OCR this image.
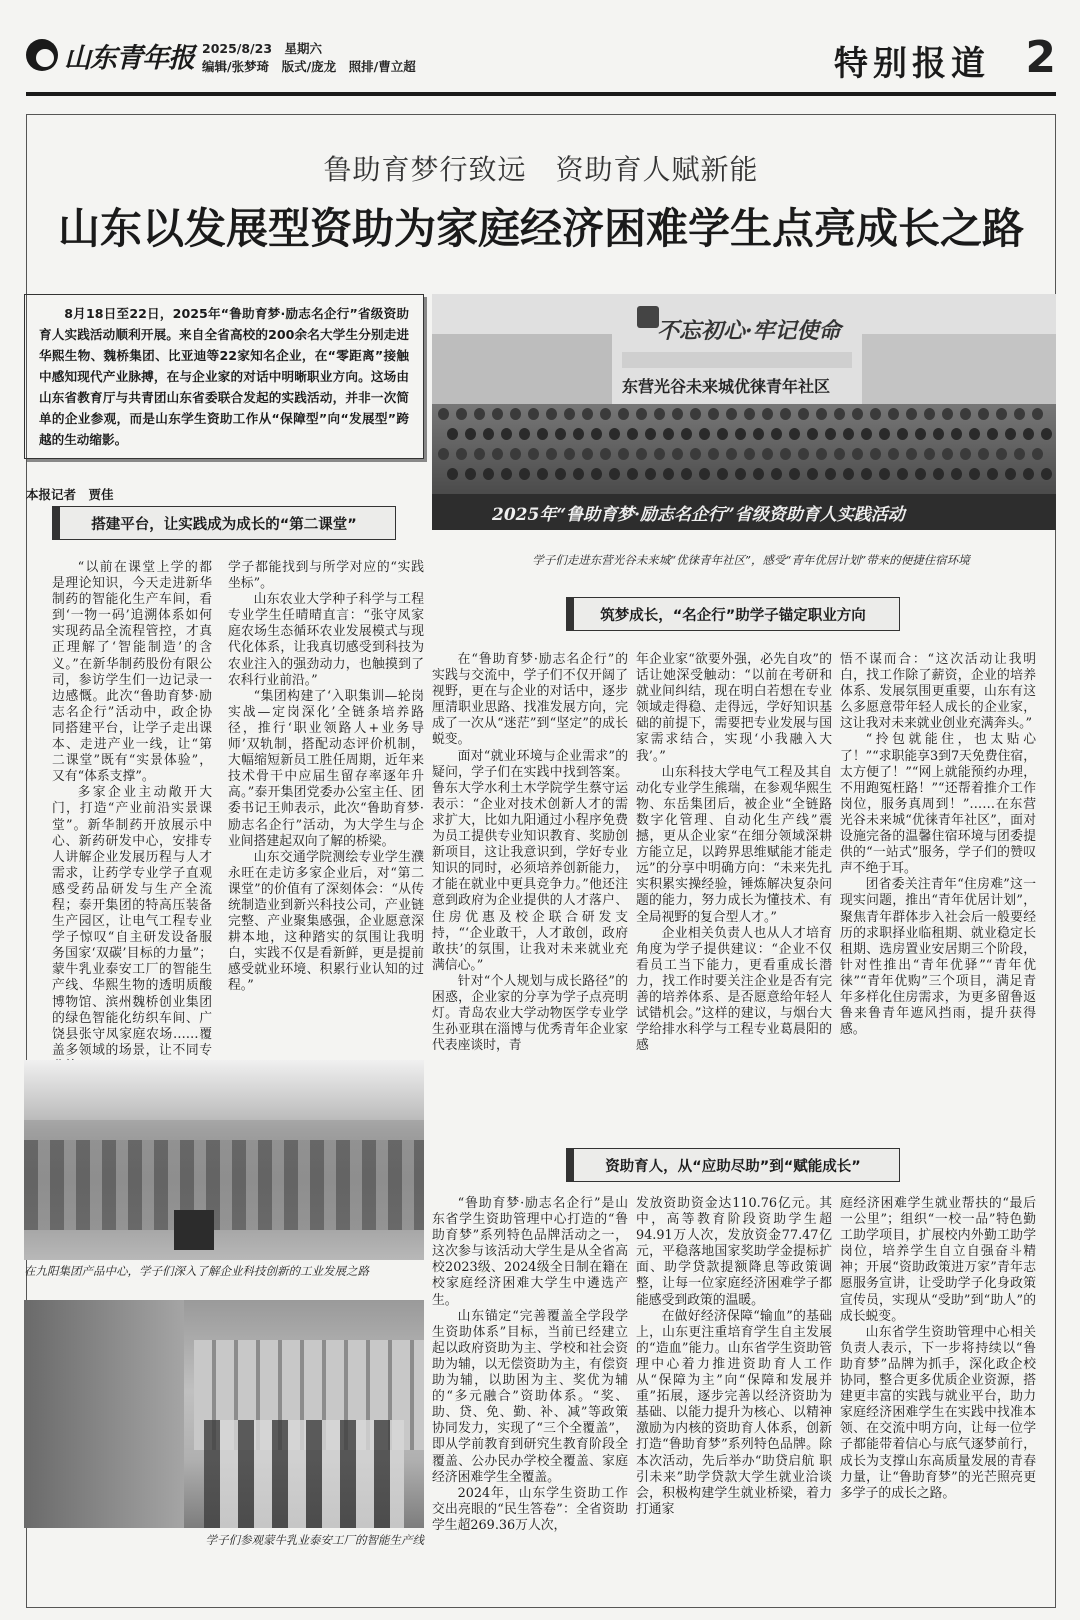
山东青年报 2025/8/23　星期六
编辑/张梦琦　版式/庞龙　照排/曹立超	特别报道 2
鲁助育梦行致远　资助育人赋新能
山东以发展型资助为家庭经济困难学生点亮成长之路
8月18日至22日，2025年“鲁助育梦·励志名企行”省级资助育人实践活动顺利开展。来自全省高校的200余名大学生分别走进华熙生物、魏桥集团、比亚迪等22家知名企业，在“零距离”接触中感知现代产业脉搏，在与企业家的对话中明晰职业方向。这场由山东省教育厅与共青团山东省委联合发起的实践活动，并非一次简单的企业参观，而是山东学生资助工作从“保障型”向“发展型”跨越的生动缩影。
本报记者　贾佳
不忘初心·牢记使命
东营光谷未来城优徕青年社区
2025年“鲁助育梦·励志名企行”省级资助育人实践活动
学子们走进东营光谷未来城“优徕青年社区”，感受“青年优居计划”带来的便捷住宿环境
搭建平台，让实践成为成长的“第二课堂”
筑梦成长，“名企行”助学子锚定职业方向
资助育人，从“应助尽助”到“赋能成长”

“以前在课堂上学的都是理论知识，今天走进新华制药的智能化生产车间，看到‘一物一码’追溯体系如何实现药品全流程管控，才真正理解了‘智能制造’的含义。”在新华制药股份有限公司，参访学生们一边记录一边感慨。此次“鲁助育梦·励志名企行”活动中，政企协同搭建平台，让学子走出课本、走进产业一线，让“第二课堂”既有“实景体验”，又有“体系支撑”。

多家企业主动敞开大门，打造“产业前沿实景课堂”。新华制药开放展示中心、新药研发中心，安排专人讲解企业发展历程与人才需求，让药学专业学子直观感受药品研发与生产全流程；泰开集团的特高压装备生产园区，让电气工程专业学子惊叹“自主研发设备服务国家‘双碳’目标的力量”；蒙牛乳业泰安工厂的智能生产线、华熙生物的透明质酸博物馆、滨州魏桥创业集团的绿色智能化纺织车间、广饶县张守凤家庭农场……覆盖多领域的场景，让不同专

学子都能找到与所学对应的“实践坐标”。

山东农业大学种子科学与工程专业学生任晴晴直言：“张守凤家庭农场生态循环农业发展模式与现代化体系，让我真切感受到科技为农业注入的强劲动力，也触摸到了农科行业前沿。”

“集团构建了‘入职集训—轮岗实战—定岗深化’全链条培养路径，推行‘职业领路人+业务导师’双轨制，搭配动态评价机制，大幅缩短新员工胜任周期，近年来技术骨干中应届生留存率逐年升高。”泰开集团党委办公室主任、团委书记王帅表示，此次“鲁助育梦·励志名企行”活动，为大学生与企业间搭建起双向了解的桥梁。

山东交通学院测绘专业学生濮永旺在走访多家企业后，对“第二课堂”的价值有了深刻体会：“从传统制造业到新兴科技公司，产业链完整、产业聚集感强，企业愿意深耕本地，这种踏实的氛围让我明白，实践不仅是看新鲜，更是提前感受就业环境、积累行业认知的过程。”

在“鲁助育梦·励志名企行”的实践与交流中，学子们不仅开阔了视野，更在与企业的对话中，逐步厘清职业思路、找准发展方向，完成了一次从“迷茫”到“坚定”的成长蜕变。

面对“就业环境与企业需求”的疑问，学子们在实践中找到答案。鲁东大学水利土木学院学生蔡守运表示：“企业对技术创新人才的需求扩大，比如九阳通过小程序免费为员工提供专业知识教育、奖励创新项目，这让我意识到，学好专业知识的同时，必须培养创新能力，才能在就业中更具竞争力。”他还注意到政府为企业提供的人才落户、住房优惠及校企联合研发支持，“‘企业敢干，人才敢创，政府敢扶’的氛围，让我对未来就业充满信心。”

针对“个人规划与成长路径”的困惑，企业家的分享为学子点亮明灯。青岛农业大学动物医学专业学生孙亚琪在淄博与优秀青年企业家代表座谈时，青

年企业家“欲要外强，必先自攻”的话让她深受触动：“以前在考研和就业间纠结，现在明白若想在专业领域走得稳、走得远，学好知识基础的前提下，需要把专业发展与国家需求结合，实现‘小我融入大我’。”

山东科技大学电气工程及其自动化专业学生熊瑞，在参观华熙生物、东岳集团后，被企业“全链路数字化管理、自动化生产线”震撼，更从企业家“在细分领域深耕方能立足，以跨界思维赋能才能走远”的分享中明确方向：“未来先扎实积累实操经验，锤炼解决复杂问题的能力，努力成长为懂技术、有全局视野的复合型人才。”

企业相关负责人也从人才培育角度为学子提供建议：“企业不仅看员工当下能力，更看重成长潜力，找工作时要关注企业是否有完善的培养体系、是否愿意给年轻人试错机会。”这样的建议，与烟台大学给排水科学与工程专业葛晨阳的感

悟不谋而合：“这次活动让我明白，找工作除了薪资，企业的培养体系、发展氛围更重要，山东有这么多愿意带年轻人成长的企业家，这让我对未来就业创业充满奔头。”

“拎包就能住，也太贴心了！”“求职能享3到7天免费住宿，太方便了！”“网上就能预约办理，不用跑冤枉路！”“还帮着推介工作岗位，服务真周到！”……在东营光谷未来城“优徕青年社区”，面对设施完备的温馨住宿环境与团委提供的“一站式”服务，学子们的赞叹声不绝于耳。

团省委关注青年“住房难”这一现实问题，推出“青年优居计划”，聚焦青年群体步入社会后一般要经历的求职择业临租期、就业稳定长租期、选房置业安居期三个阶段，针对性推出“青年优驿”“青年优徕”“青年优购”三个项目，满足青年多样化住房需求，为更多留鲁返鲁来鲁青年遮风挡雨，提升获得感。

“鲁助育梦·励志名企行”是山东省学生资助管理中心打造的“鲁助育梦”系列特色品牌活动之一，这次参与该活动大学生是从全省高校2023级、2024级全日制在籍在校家庭经济困难大学生中遴选产生。

山东锚定“完善覆盖全学段学生资助体系”目标，当前已经建立起以政府资助为主、学校和社会资助为辅，以无偿资助为主，有偿资助为辅，以助困为主、奖优为辅的“多元融合”资助体系。“奖、助、贷、免、勤、补、减”等政策协同发力，实现了“三个全覆盖”，即从学前教育到研究生教育阶段全覆盖、公办民办学校全覆盖、家庭经济困难学生全覆盖。

2024年，山东学生资助工作交出亮眼的“民生答卷”：全省资助学生超269.36万人次，

发放资助资金达110.76亿元。其中，高等教育阶段资助学生超94.91万人次，发放资金77.47亿元，平稳落地国家奖助学金提标扩面、助学贷款提额降息等政策调整，让每一位家庭经济困难学子都能感受到政策的温暖。

在做好经济保障“输血”的基础上，山东更注重培育学生自主发展的“造血”能力。山东省学生资助管理中心着力推进资助育人工作从“保障为主”向“保障和发展并重”拓展，逐步完善以经济资助为基础、以能力提升为核心、以精神激励为内核的资助育人体系，创新打造“鲁助育梦”系列特色品牌。除本次活动，先后举办“助贷启航 职引未来”助学贷款大学生就业洽谈会，积极构建学生就业桥梁，着力打通家

庭经济困难学生就业帮扶的“最后一公里”；组织“一校一品”特色勤工助学项目，扩展校内外勤工助学岗位，培养学生自立自强奋斗精神；开展“资助政策进万家”青年志愿服务宣讲，让受助学子化身政策宣传员，实现从“受助”到“助人”的成长蜕变。

山东省学生资助管理中心相关负责人表示，下一步将持续以“鲁助育梦”品牌为抓手，深化政企校协同，整合更多优质企业资源，搭建更丰富的实践与就业平台，助力家庭经济困难学生在实践中找准本领、在交流中明方向，让每一位学子都能带着信心与底气逐梦前行，成长为支撑山东高质量发展的青春力量，让“鲁助育梦”的光芒照亮更多学子的成长之路。

在九阳集团产品中心，学子们深入了解企业科技创新的工业发展之路
学子们参观蒙牛乳业泰安工厂的智能生产线
